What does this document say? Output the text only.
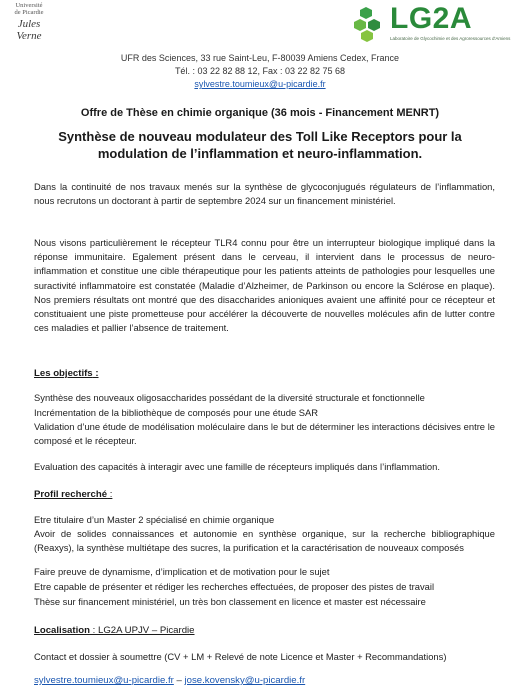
Université
de Picardie
Jules Verne
LG2A
Laboratoire de Glycochimie et des Agroressources d'Amiens
UFR des Sciences, 33 rue Saint-Leu, F-80039 Amiens Cedex, France
Tél. : 03 22 82 88 12, Fax : 03 22 82 75 68
sylvestre.toumieux@u-picardie.fr
Offre de Thèse en chimie organique (36 mois - Financement MENRT)
Synthèse de nouveau modulateur des Toll Like Receptors pour la
modulation de l’inflammation et neuro-inflammation.
Dans la continuité de nos travaux menés sur la synthèse de glycoconjugués régulateurs de l’inflammation, nous recrutons un doctorant à partir de septembre 2024 sur un financement ministériel.
Nous visons particulièrement le récepteur TLR4 connu pour être un interrupteur biologique impliqué dans la réponse immunitaire. Egalement présent dans le cerveau, il intervient dans le processus de neuro-inflammation et constitue une cible thérapeutique pour les patients atteints de pathologies pour lesquelles une suractivité inflammatoire est constatée (Maladie d’Alzheimer, de Parkinson ou encore la Sclérose en plaque). Nos premiers résultats ont montré que des disaccharides anioniques avaient une affinité pour ce récepteur et constituaient une piste prometteuse pour accélérer la découverte de nouvelles molécules afin de lutter contre ces maladies et pallier l’absence de traitement.
Les objectifs :
Synthèse des nouveaux oligosaccharides possédant de la diversité structurale et fonctionnelle
Incrémentation de la bibliothèque de composés pour une étude SAR
Validation d’une étude de modélisation moléculaire dans le but de déterminer les interactions décisives entre le composé et le récepteur.
Evaluation des capacités à interagir avec une famille de récepteurs impliqués dans l’inflammation.
Profil recherché :
Etre titulaire d’un Master 2 spécialisé en chimie organique
Avoir de solides connaissances et autonomie en synthèse organique, sur la recherche bibliographique (Reaxys), la synthèse multiétape des sucres, la purification et la caractérisation de nouveaux composés
Faire preuve de dynamisme, d’implication et de motivation pour le sujet
Etre capable de présenter et rédiger les recherches effectuées, de proposer des pistes de travail
Thèse sur financement ministériel, un très bon classement en licence et master est nécessaire
Localisation : LG2A UPJV – Picardie
Contact et dossier à soumettre (CV + LM + Relevé de note Licence et Master + Recommandations)
sylvestre.toumieux@u-picardie.fr – jose.kovensky@u-picardie.fr
